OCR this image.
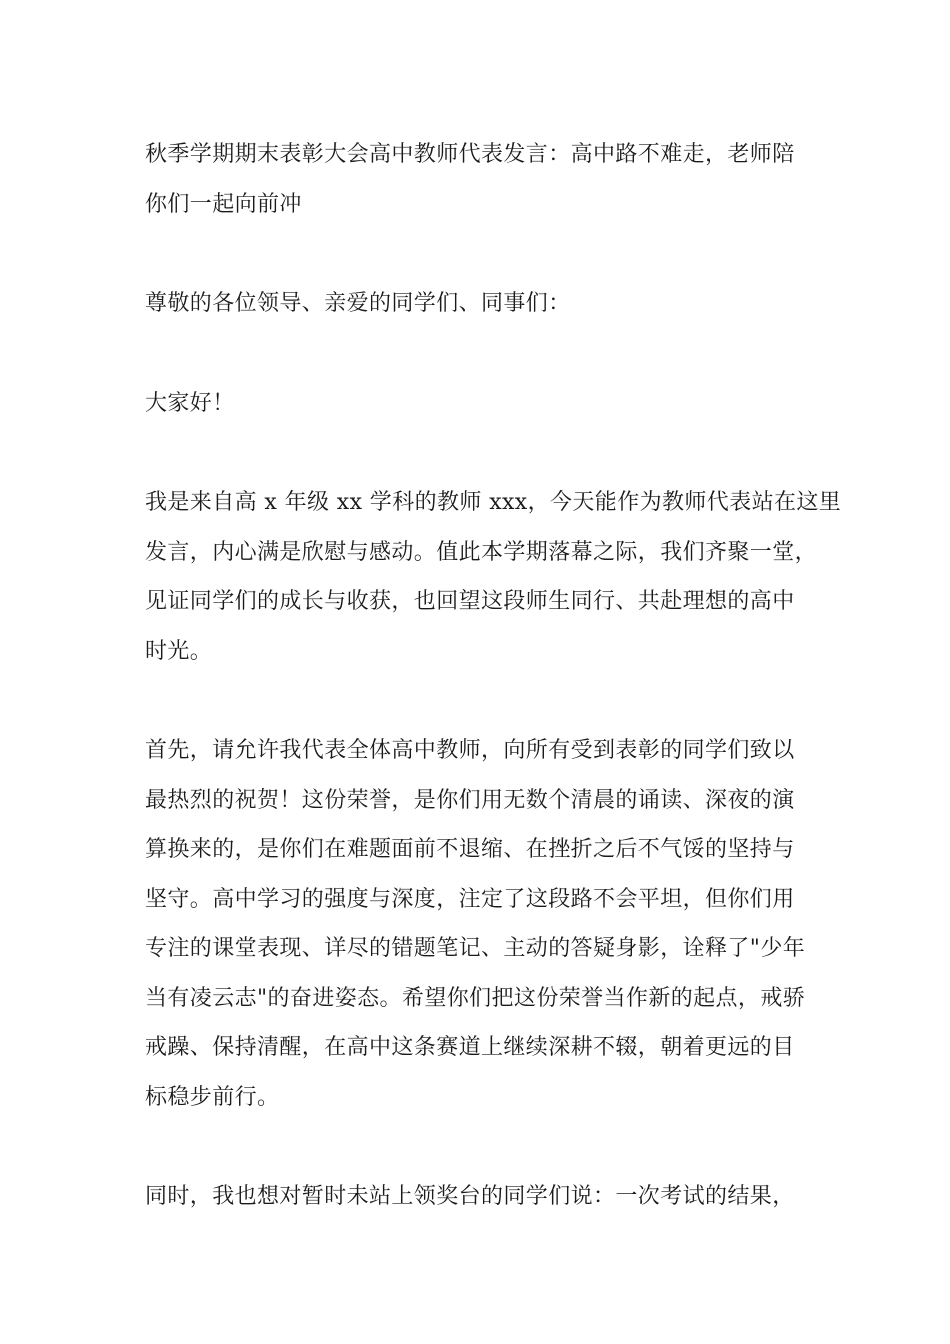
秋季学期期末表彰大会高中教师代表发言：高中路不难走，老师陪
你们一起向前冲

尊敬的各位领导、亲爱的同学们、同事们：

大家好！

我是来自高 x 年级 xx 学科的教师 xxx，今天能作为教师代表站在这里
发言，内心满是欣慰与感动。值此本学期落幕之际，我们齐聚一堂，
见证同学们的成长与收获，也回望这段师生同行、共赴理想的高中
时光。

首先，请允许我代表全体高中教师，向所有受到表彰的同学们致以
最热烈的祝贺！这份荣誉，是你们用无数个清晨的诵读、深夜的演
算换来的，是你们在难题面前不退缩、在挫折之后不气馁的坚持与
坚守。高中学习的强度与深度，注定了这段路不会平坦，但你们用
专注的课堂表现、详尽的错题笔记、主动的答疑身影，诠释了"少年
当有凌云志"的奋进姿态。希望你们把这份荣誉当作新的起点，戒骄
戒躁、保持清醒，在高中这条赛道上继续深耕不辍，朝着更远的目
标稳步前行。

同时，我也想对暂时未站上领奖台的同学们说：一次考试的结果，
